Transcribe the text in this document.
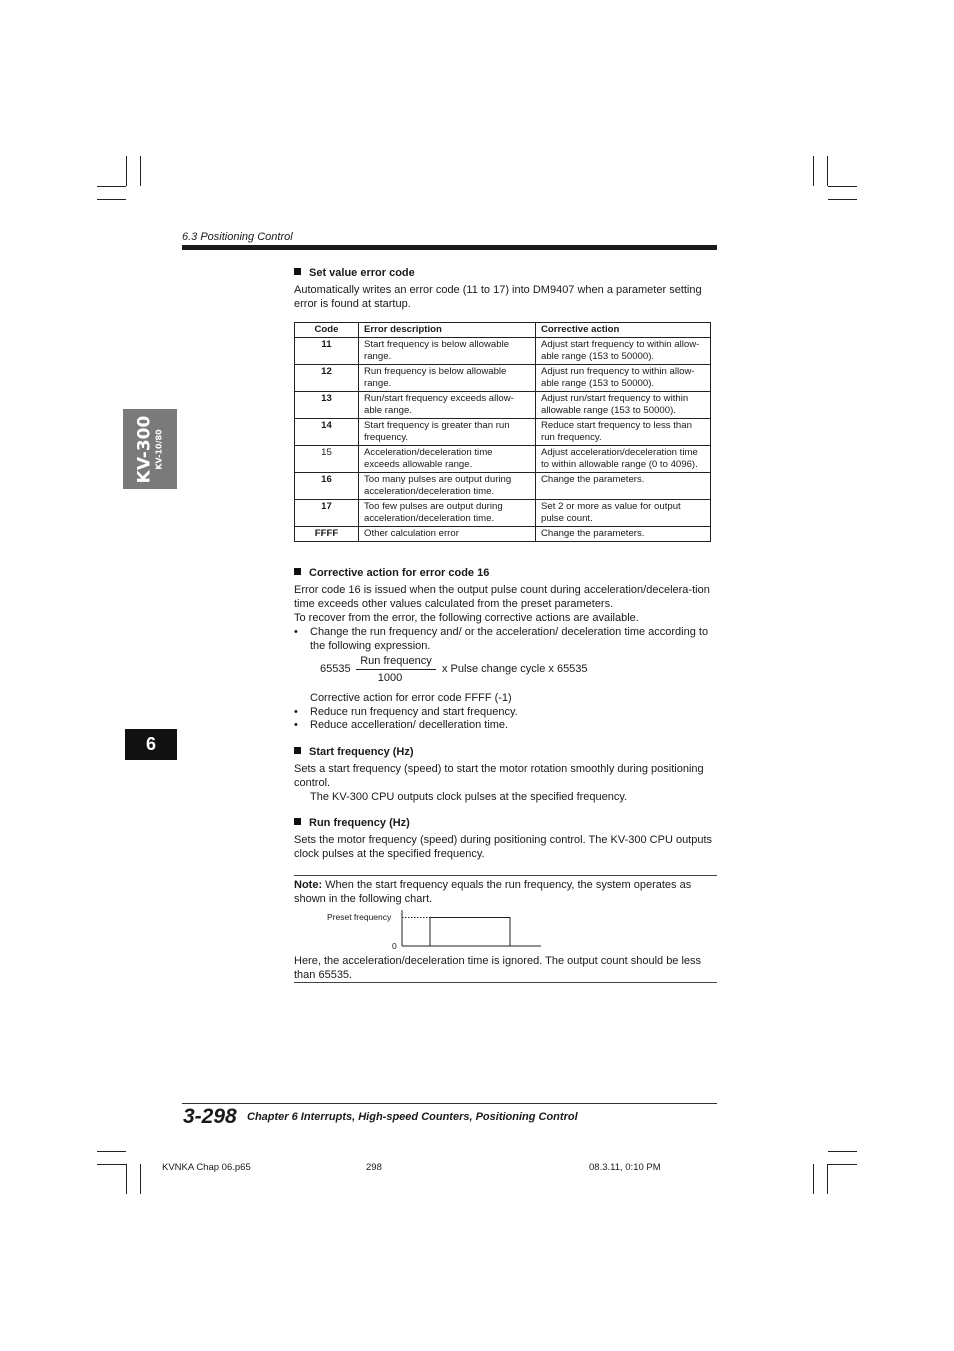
6.3 Positioning Control
KV-300 KV-10/80
6
Set value error code

Automatically writes an error code (11 to 17) into DM9407 when a parameter setting error is found at startup.

Code	Error description	Corrective action
11	Start frequency is below allowable range.	Adjust start frequency to within allow-able range (153 to 50000).
12	Run frequency is below allowable range.	Adjust run frequency to within allow-able range (153 to 50000).
13	Run/start frequency exceeds allow-able range.	Adjust run/start frequency to within allowable range (153 to 50000).
14	Start frequency is greater than run frequency.	Reduce start frequency to less than run frequency.
15	Acceleration/deceleration time exceeds allowable range.	Adjust acceleration/deceleration time to within allowable range (0 to 4096).
16	Too many pulses are output during acceleration/deceleration time.	Change the parameters.
17	Too few pulses are output during acceleration/deceleration time.	Set 2 or more as value for output pulse count.
FFFF	Other calculation error	Change the parameters.
Corrective action for error code 16

Error code 16 is issued when the output pulse count during acceleration/decelera-tion time exceeds other values calculated from the preset parameters.

To recover from the error, the following corrective actions are available.

•	Change the run frequency and/ or the acceleration/ deceleration time according to the following expression.
65535
Run frequency
1000
x Pulse change cycle x 65535
Corrective action for error code FFFF (-1)
• Reduce run frequency and start frequency.
• Reduce accelleration/ decelleration time.
Start frequency (Hz)

Sets a start frequency (speed) to start the motor rotation smoothly during positioning control.

The KV-300 CPU outputs clock pulses at the specified frequency.

Run frequency (Hz)

Sets the motor frequency (speed) during positioning control. The KV-300 CPU outputs clock pulses at the specified frequency.

Note: When the start frequency equals the run frequency, the system operates as shown in the following chart.
Preset frequency
0
Here, the acceleration/deceleration time is ignored. The output count should be less than 65535.
3-298 Chapter 6 Interrupts, High-speed Counters, Positioning Control
KVNKA Chap 06.p65	298	08.3.11, 0:10 PM
